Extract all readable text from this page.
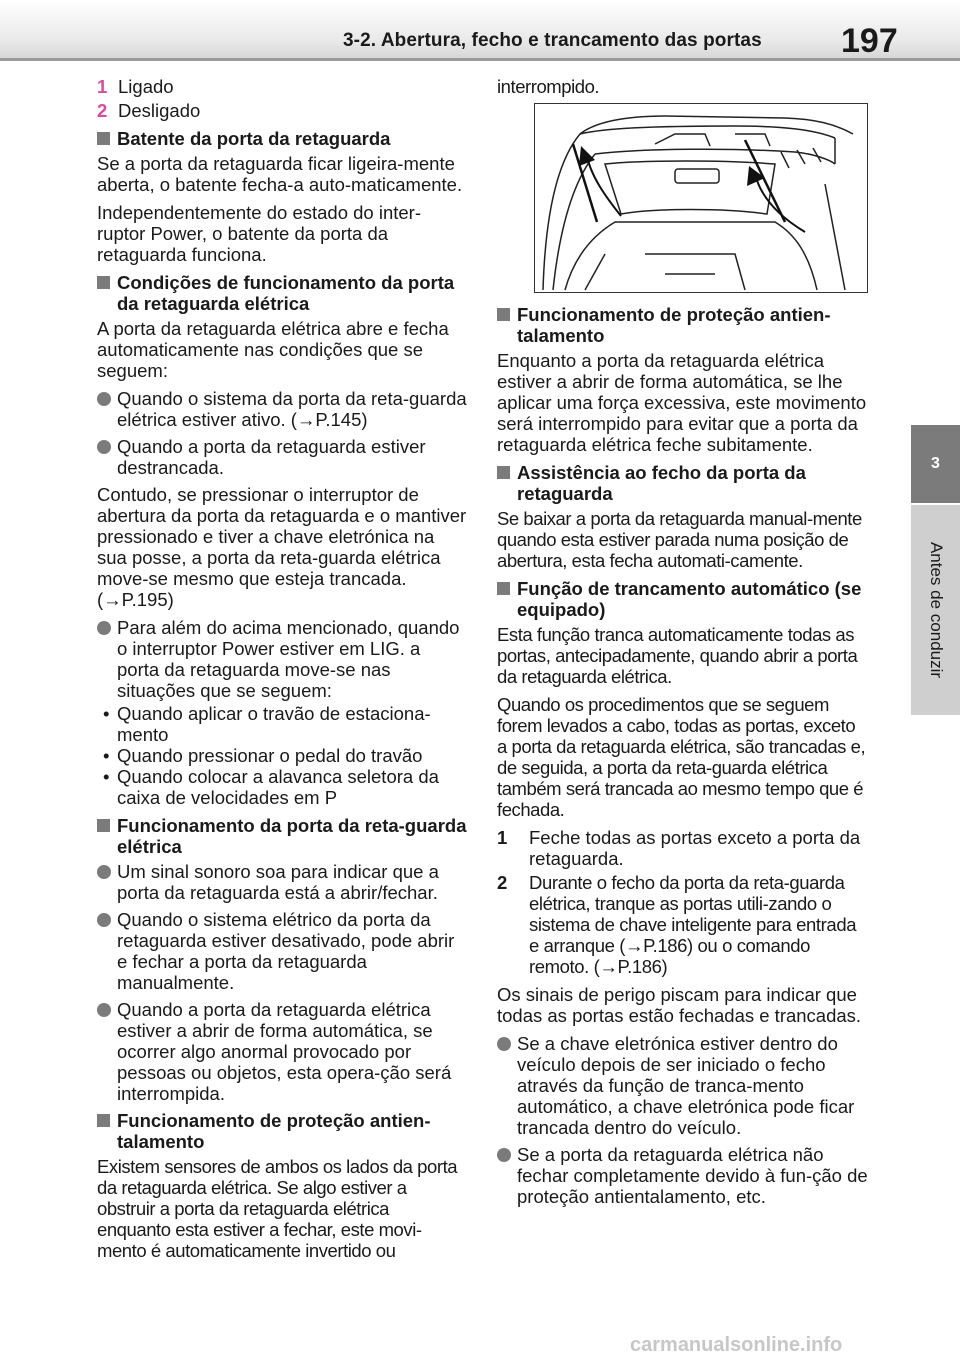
3-2. Abertura, fecho e trancamento das portas 197
3
Antes de conduzir
1 Ligado
2 Desligado
Batente da porta da retaguarda

Se a porta da retaguarda ficar ligeira-mente aberta, o batente fecha-a auto-maticamente.

Independentemente do estado do inter-ruptor Power, o batente da porta da retaguarda funciona.

Condições de funcionamento da porta da retaguarda elétrica

A porta da retaguarda elétrica abre e fecha automaticamente nas condições que se seguem:

Quando o sistema da porta da reta-guarda elétrica estiver ativo. (→P.145)
Quando a porta da retaguarda estiver destrancada.

Contudo, se pressionar o interruptor de abertura da porta da retaguarda e o mantiver pressionado e tiver a chave eletrónica na sua posse, a porta da reta-guarda elétrica move-se mesmo que esteja trancada. (→P.195)

Para além do acima mencionado, quando o interruptor Power estiver em LIG. a porta da retaguarda move-se nas situações que se seguem:
• Quando aplicar o travão de estaciona-mento
• Quando pressionar o pedal do travão
• Quando colocar a alavanca seletora da caixa de velocidades em P
Funcionamento da porta da reta-guarda elétrica
Um sinal sonoro soa para indicar que a porta da retaguarda está a abrir/fechar.
Quando o sistema elétrico da porta da retaguarda estiver desativado, pode abrir e fechar a porta da retaguarda manualmente.
Quando a porta da retaguarda elétrica estiver a abrir de forma automática, se ocorrer algo anormal provocado por pessoas ou objetos, esta opera-ção será interrompida.
Funcionamento de proteção antien-talamento

Existem sensores de ambos os lados da porta da retaguarda elétrica. Se algo estiver a obstruir a porta da retaguarda elétrica enquanto esta estiver a fechar, este movi-mento é automaticamente invertido ou

interrompido.

Funcionamento de proteção antien-talamento

Enquanto a porta da retaguarda elétrica estiver a abrir de forma automática, se lhe aplicar uma força excessiva, este movimento será interrompido para evitar que a porta da retaguarda elétrica feche subitamente.

Assistência ao fecho da porta da retaguarda

Se baixar a porta da retaguarda manual-mente quando esta estiver parada numa posição de abertura, esta fecha automati-camente.

Função de trancamento automático (se equipado)

Esta função tranca automaticamente todas as portas, antecipadamente, quando abrir a porta da retaguarda elétrica.

Quando os procedimentos que se seguem forem levados a cabo, todas as portas, exceto a porta da retaguarda elétrica, são trancadas e, de seguida, a porta da reta-guarda elétrica também será trancada ao mesmo tempo que é fechada.

1 Feche todas as portas exceto a porta da retaguarda.
2 Durante o fecho da porta da reta-guarda elétrica, tranque as portas utili-zando o sistema de chave inteligente para entrada e arranque (→P.186) ou o comando remoto. (→P.186)

Os sinais de perigo piscam para indicar que todas as portas estão fechadas e trancadas.

Se a chave eletrónica estiver dentro do veículo depois de ser iniciado o fecho através da função de tranca-mento automático, a chave eletrónica pode ficar trancada dentro do veículo.
Se a porta da retaguarda elétrica não fechar completamente devido à fun-ção de proteção antientalamento, etc.
carmanualsonline.info
